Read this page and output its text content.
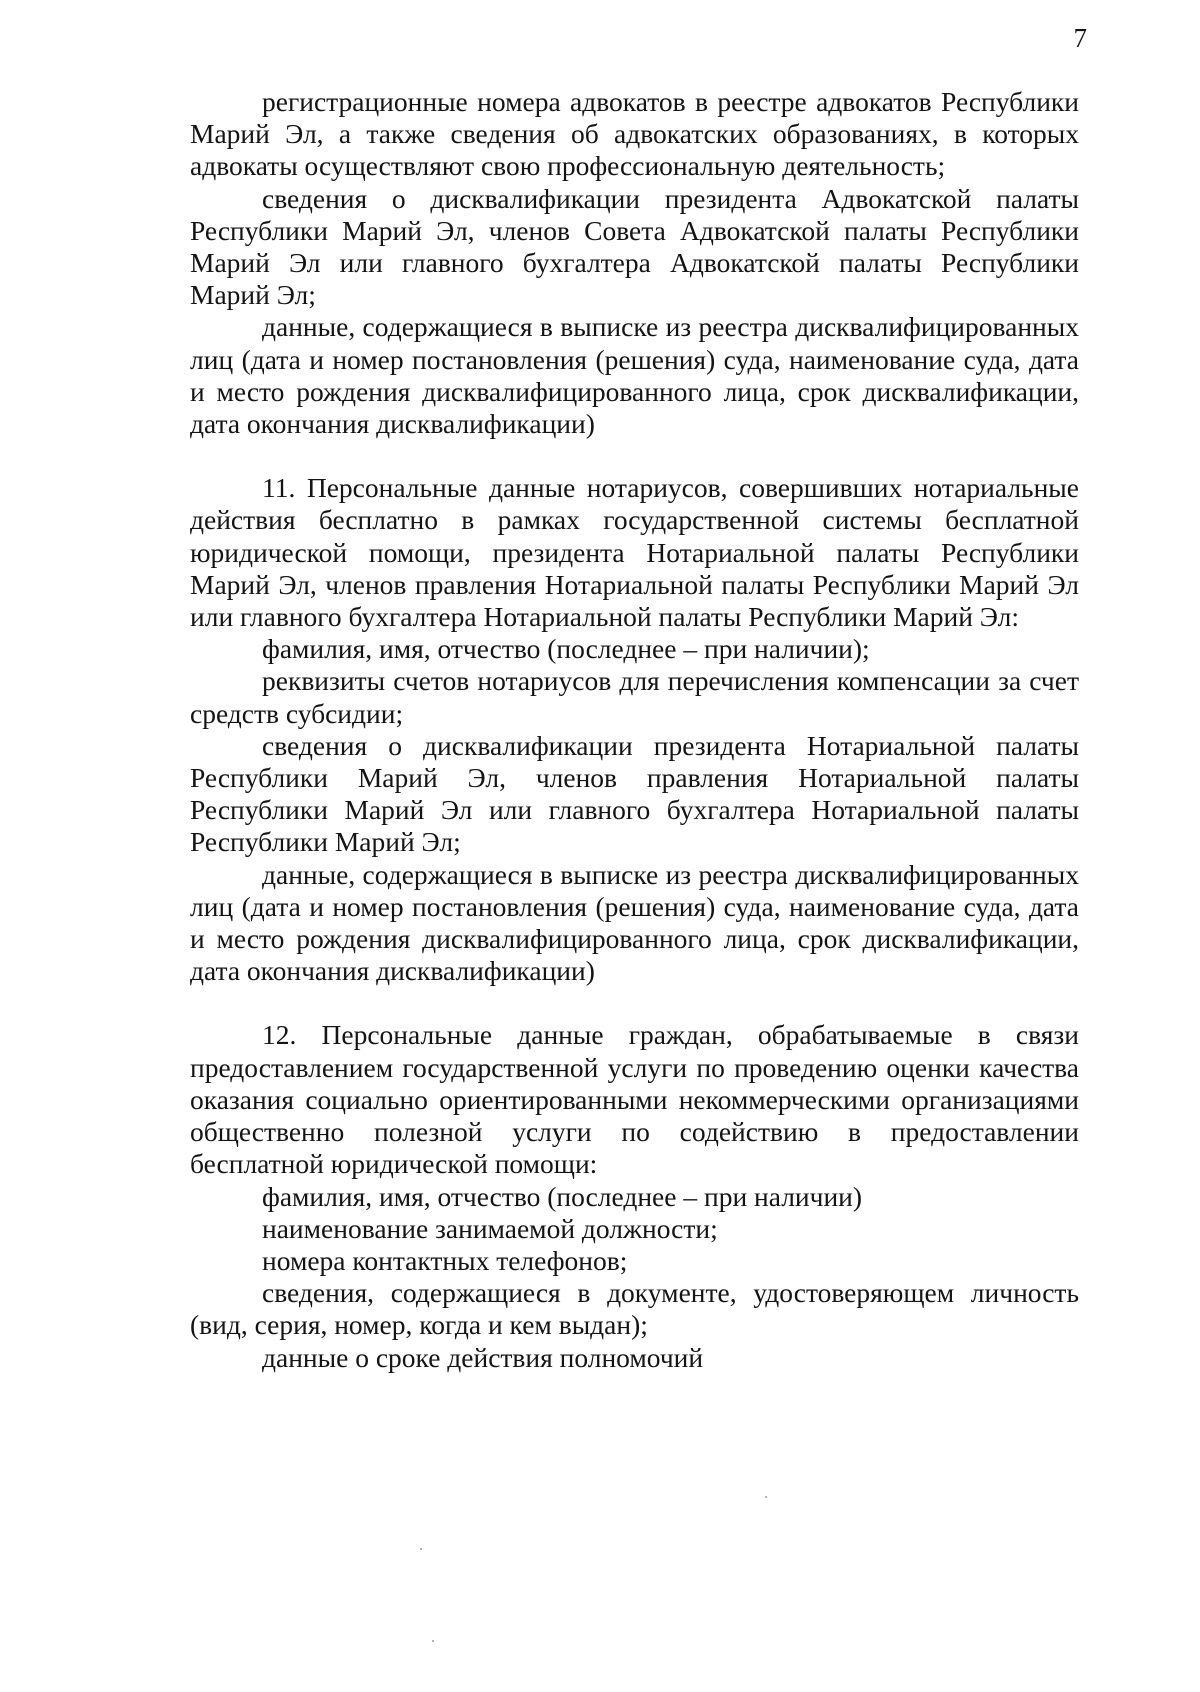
7

регистрационные номера адвокатов в реестре адвокатов Республики Марий Эл, а также сведения об адвокатских образованиях, в которых адвокаты осуществляют свою профессиональную деятельность;

сведения о дисквалификации президента Адвокатской палаты Республики Марий Эл, членов Совета Адвокатской палаты Республики Марий Эл или главного бухгалтера Адвокатской палаты Республики Марий Эл;

данные, содержащиеся в выписке из реестра дисквалифицированных лиц (дата и номер постановления (решения) суда, наименование суда, дата и место рождения дисквалифицированного лица, срок дисквалификации, дата окончания дисквалификации)

11. Персональные данные нотариусов, совершивших нотариальные действия бесплатно в рамках государственной системы бесплатной юридической помощи, президента Нотариальной палаты Республики Марий Эл, членов правления Нотариальной палаты Республики Марий Эл или главного бухгалтера Нотариальной палаты Республики Марий Эл:

фамилия, имя, отчество (последнее – при наличии);

реквизиты счетов нотариусов для перечисления компенсации за счет средств субсидии;

сведения о дисквалификации президента Нотариальной палаты Республики Марий Эл, членов правления Нотариальной палаты Республики Марий Эл или главного бухгалтера Нотариальной палаты Республики Марий Эл;

данные, содержащиеся в выписке из реестра дисквалифицированных лиц (дата и номер постановления (решения) суда, наименование суда, дата и место рождения дисквалифицированного лица, срок дисквалификации, дата окончания дисквалификации)

12. Персональные данные граждан, обрабатываемые в связи предоставлением государственной услуги по проведению оценки качества оказания социально ориентированными некоммерческими организациями общественно полезной услуги по содействию в предоставлении бесплатной юридической помощи:

фамилия, имя, отчество (последнее – при наличии)

наименование занимаемой должности;

номера контактных телефонов;

сведения, содержащиеся в документе, удостоверяющем личность (вид, серия, номер, когда и кем выдан);

данные о сроке действия полномочий
